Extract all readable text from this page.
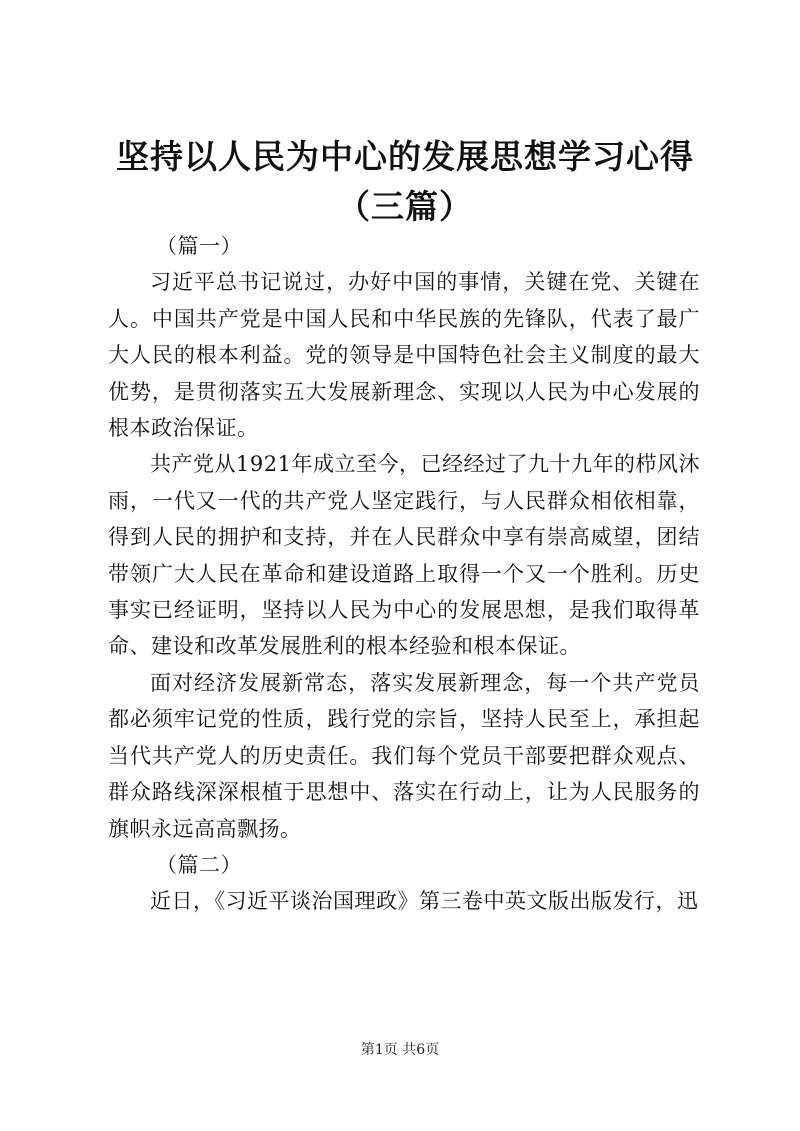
坚持以人民为中心的发展思想学习心得（三篇）

（篇一）

习近平总书记说过，办好中国的事情，关键在党、关键在人。中国共产党是中国人民和中华民族的先锋队，代表了最广大人民的根本利益。党的领导是中国特色社会主义制度的最大优势，是贯彻落实五大发展新理念、实现以人民为中心发展的根本政治保证。

共产党从1921年成立至今，已经经过了九十九年的栉风沐雨，一代又一代的共产党人坚定践行，与人民群众相依相靠，得到人民的拥护和支持，并在人民群众中享有崇高威望，团结带领广大人民在革命和建设道路上取得一个又一个胜利。历史事实已经证明，坚持以人民为中心的发展思想，是我们取得革命、建设和改革发展胜利的根本经验和根本保证。

面对经济发展新常态，落实发展新理念，每一个共产党员都必须牢记党的性质，践行党的宗旨，坚持人民至上，承担起当代共产党人的历史责任。我们每个党员干部要把群众观点、群众路线深深根植于思想中、落实在行动上，让为人民服务的旗帜永远高高飘扬。

（篇二）

近日，《习近平谈治国理政》第三卷中英文版出版发行，迅

第1页 共6页
